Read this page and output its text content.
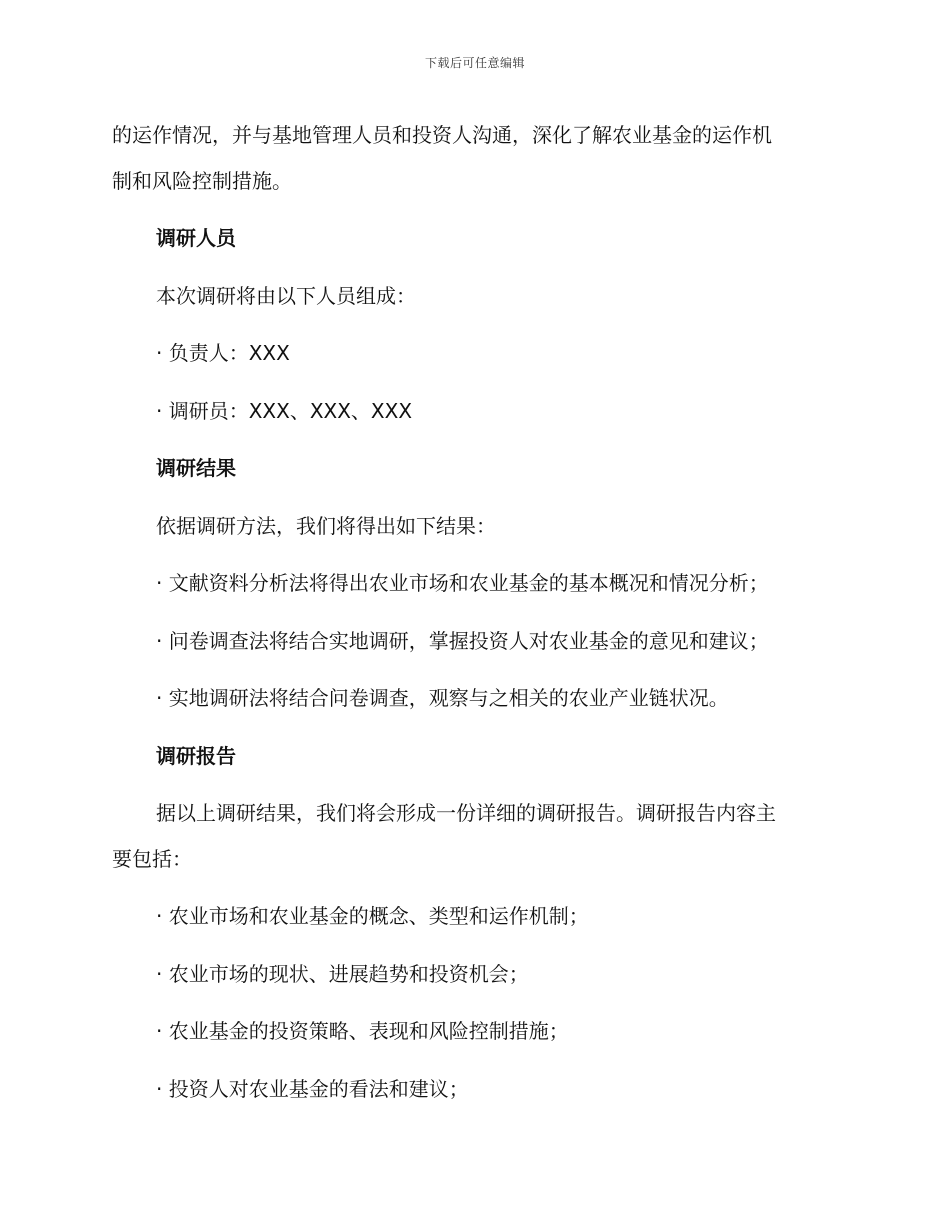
下载后可任意编辑
的运作情况，并与基地管理人员和投资人沟通，深化了解农业基金的运作机
制和风险控制措施。
调研人员
本次调研将由以下人员组成：
· 负责人：XXX
· 调研员：XXX、XXX、XXX
调研结果
依据调研方法，我们将得出如下结果：
· 文献资料分析法将得出农业市场和农业基金的基本概况和情况分析；
· 问卷调查法将结合实地调研，掌握投资人对农业基金的意见和建议；
· 实地调研法将结合问卷调查，观察与之相关的农业产业链状况。
调研报告
据以上调研结果，我们将会形成一份详细的调研报告。调研报告内容主
要包括：
· 农业市场和农业基金的概念、类型和运作机制；
· 农业市场的现状、进展趋势和投资机会；
· 农业基金的投资策略、表现和风险控制措施；
· 投资人对农业基金的看法和建议；
